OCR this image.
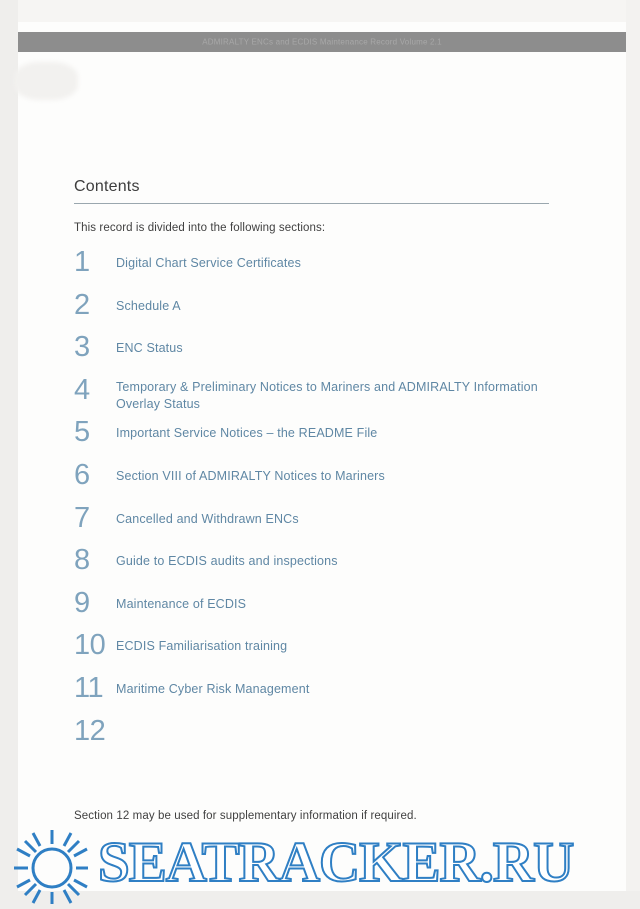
ADMIRALTY ENCs and ECDIS Maintenance Record Volume 2.1
Contents
This record is divided into the following sections:
1	Digital Chart Service Certificates
2	Schedule A
3	ENC Status
4	Temporary & Preliminary Notices to Mariners and ADMIRALTY Information Overlay Status
5	Important Service Notices – the README File
6	Section VIII of ADMIRALTY Notices to Mariners
7	Cancelled and Withdrawn ENCs
8	Guide to ECDIS audits and inspections
9	Maintenance of ECDIS
10 ECDIS Familiarisation training
11	Maritime Cyber Risk Management
12
Section 12 may be used for supplementary information if required.
SEATRACKER.RU
